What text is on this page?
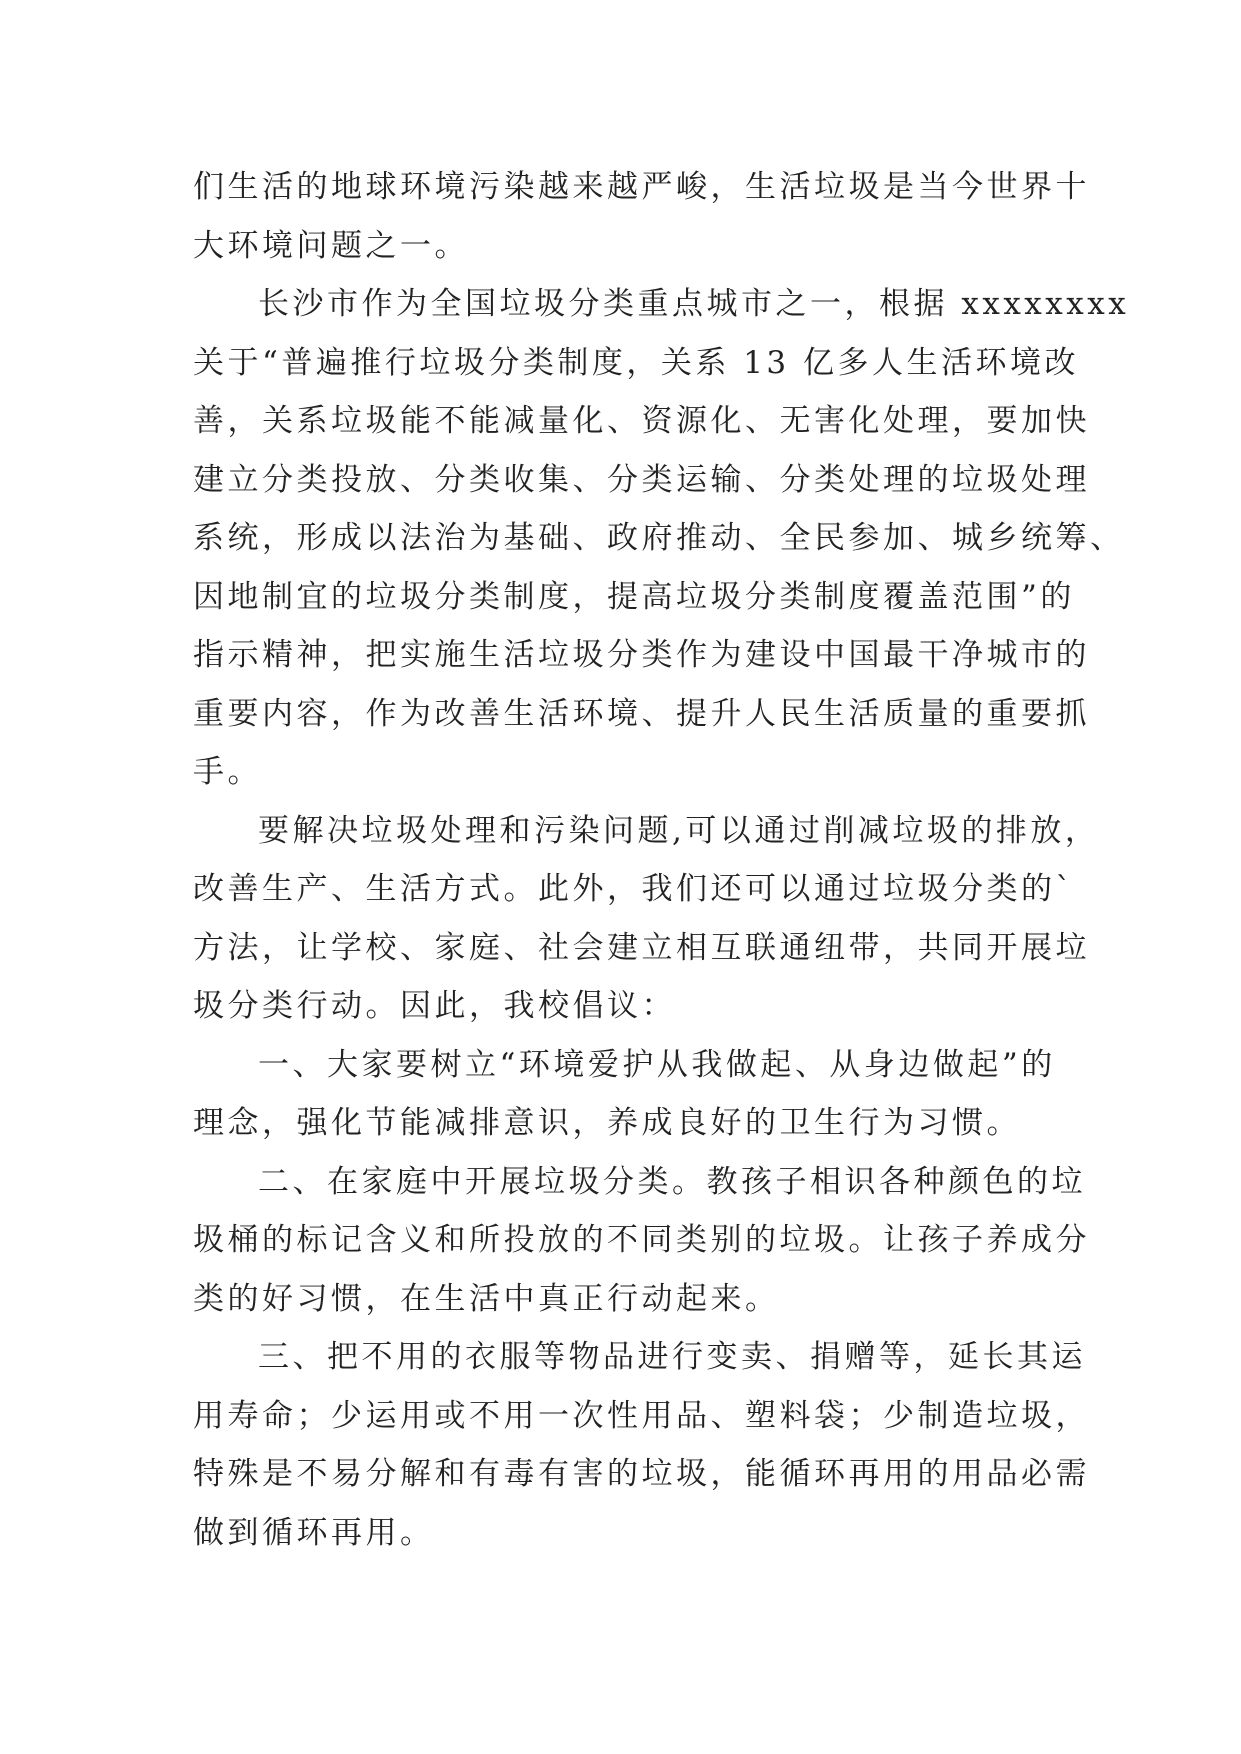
们生活的地球环境污染越来越严峻，生活垃圾是当今世界十
大环境问题之一。
长沙市作为全国垃圾分类重点城市之一，根据 xxxxxxxx
关于“普遍推行垃圾分类制度，关系 13 亿多人生活环境改
善，关系垃圾能不能减量化、资源化、无害化处理，要加快
建立分类投放、分类收集、分类运输、分类处理的垃圾处理
系统，形成以法治为基础、政府推动、全民参加、城乡统筹、
因地制宜的垃圾分类制度，提高垃圾分类制度覆盖范围”的
指示精神，把实施生活垃圾分类作为建设中国最干净城市的
重要内容，作为改善生活环境、提升人民生活质量的重要抓
手。
要解决垃圾处理和污染问题,可以通过削减垃圾的排放，
改善生产、生活方式。此外，我们还可以通过垃圾分类的`
方法，让学校、家庭、社会建立相互联通纽带，共同开展垃
圾分类行动。因此，我校倡议：
一、大家要树立“环境爱护从我做起、从身边做起”的
理念，强化节能减排意识，养成良好的卫生行为习惯。
二、在家庭中开展垃圾分类。教孩子相识各种颜色的垃
圾桶的标记含义和所投放的不同类别的垃圾。让孩子养成分
类的好习惯，在生活中真正行动起来。
三、把不用的衣服等物品进行变卖、捐赠等，延长其运
用寿命；少运用或不用一次性用品、塑料袋；少制造垃圾，
特殊是不易分解和有毒有害的垃圾，能循环再用的用品必需
做到循环再用。
